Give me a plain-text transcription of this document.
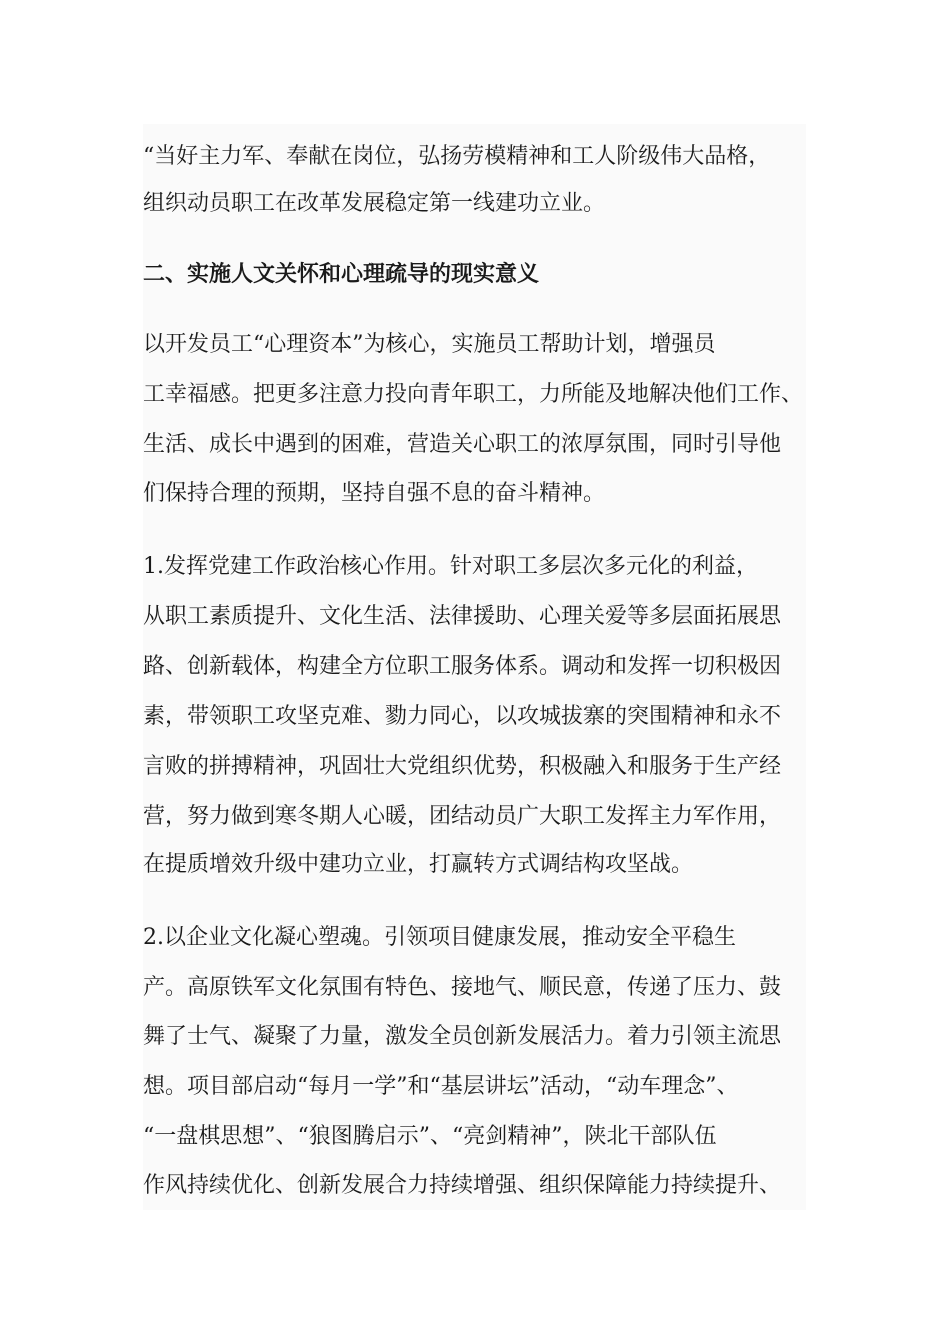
“当好主力军、奉献在岗位，弘扬劳模精神和工人阶级伟大品格，
组织动员职工在改革发展稳定第一线建功立业。
二、实施人文关怀和心理疏导的现实意义
以开发员工“心理资本”为核心，实施员工帮助计划，增强员
工幸福感。把更多注意力投向青年职工，力所能及地解决他们工作、
生活、成长中遇到的困难，营造关心职工的浓厚氛围，同时引导他
们保持合理的预期，坚持自强不息的奋斗精神。
1.发挥党建工作政治核心作用。针对职工多层次多元化的利益，
从职工素质提升、文化生活、法律援助、心理关爱等多层面拓展思
路、创新载体，构建全方位职工服务体系。调动和发挥一切积极因
素，带领职工攻坚克难、勠力同心，以攻城拔寨的突围精神和永不
言败的拼搏精神，巩固壮大党组织优势，积极融入和服务于生产经
营，努力做到寒冬期人心暖，团结动员广大职工发挥主力军作用，
在提质增效升级中建功立业，打赢转方式调结构攻坚战。
2.以企业文化凝心塑魂。引领项目健康发展，推动安全平稳生
产。高原铁军文化氛围有特色、接地气、顺民意，传递了压力、鼓
舞了士气、凝聚了力量，激发全员创新发展活力。着力引领主流思
想。项目部启动“每月一学”和“基层讲坛”活动，“动车理念”、
“一盘棋思想”、“狼图腾启示”、“亮剑精神”，陕北干部队伍
作风持续优化、创新发展合力持续增强、组织保障能力持续提升、
